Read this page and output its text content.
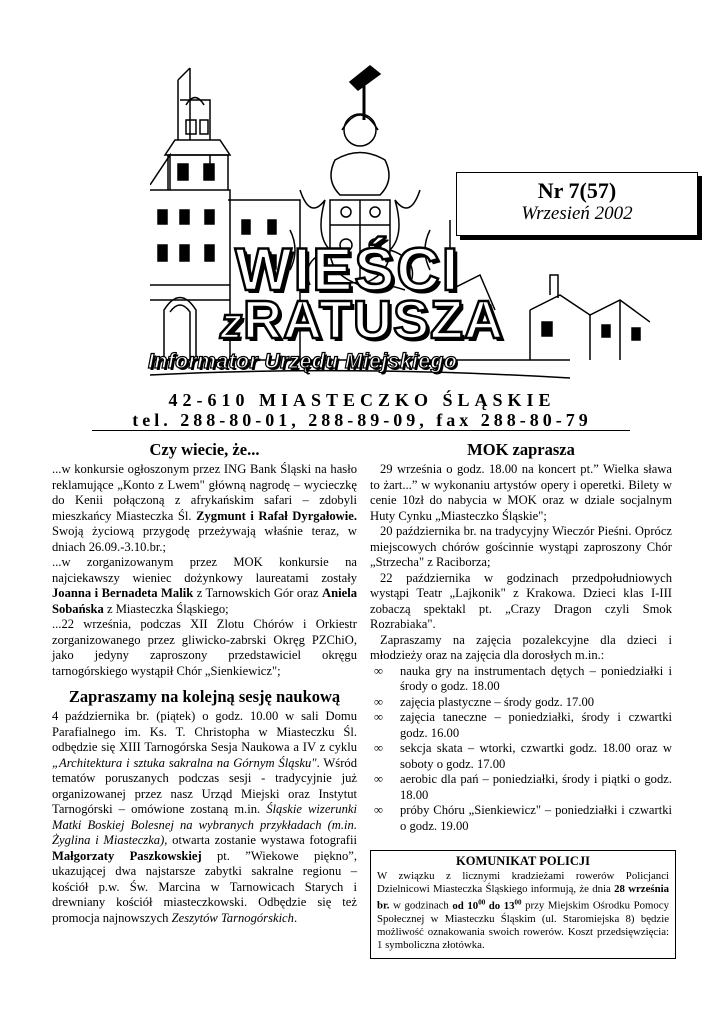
Nr 7(57)
Wrzesień 2002
WIEŚCI
zRATUSZA
Informator Urzędu Miejskiego
42-610 MIASTECZKO ŚLĄSKIE
tel. 288-80-01, 288-89-09, fax 288-80-79
Czy wiecie, że...

...w konkursie ogłoszonym przez ING Bank Śląski na hasło reklamujące „Konto z Lwem" główną nagrodę – wycieczkę do Kenii połączoną z afrykańskim safari – zdobyli mieszkańcy Miasteczka Śl. Zygmunt i Rafał Dyrgałowie. Swoją życiową przygodę przeżywają właśnie teraz, w dniach 26.09.-3.10.br.;

...w zorganizowanym przez MOK konkursie na najciekawszy wieniec dożynkowy laureatami zostały Joanna i Bernadeta Malik z Tarnowskich Gór oraz Aniela Sobańska z Miasteczka Śląskiego;

...22 września, podczas XII Zlotu Chórów i Orkiestr zorganizowanego przez gliwicko-zabrski Okręg PZChiO, jako jedyny zaproszony przedstawiciel okręgu tarnogórskiego wystąpił Chór „Sienkiewicz";

Zapraszamy na kolejną sesję naukową

4 października br. (piątek) o godz. 10.00 w sali Domu Parafialnego im. Ks. T. Christopha w Miasteczku Śl. odbędzie się XIII Tarnogórska Sesja Naukowa a IV z cyklu „Architektura i sztuka sakralna na Górnym Śląsku". Wśród tematów poruszanych podczas sesji - tradycyjnie już organizowanej przez nasz Urząd Miejski oraz Instytut Tarnogórski – omówione zostaną m.in. Śląskie wizerunki Matki Boskiej Bolesnej na wybranych przykładach (m.in. Żyglina i Miasteczka), otwarta zostanie wystawa fotografii Małgorzaty Paszkowskiej pt. ”Wiekowe piękno”, ukazującej dwa najstarsze zabytki sakralne regionu – kościół p.w. Św. Marcina w Tarnowicach Starych i drewniany kościół miasteczkowski. Odbędzie się też promocja najnowszych Zeszytów Tarnogórskich.

MOK zaprasza

29 września o godz. 18.00 na koncert pt.” Wielka sława to żart...” w wykonaniu artystów opery i operetki. Bilety w cenie 10zł do nabycia w MOK oraz w dziale socjalnym Huty Cynku „Miasteczko Śląskie";

20 października br. na tradycyjny Wieczór Pieśni. Oprócz miejscowych chórów gościnnie wystąpi zaproszony Chór „Strzecha" z Raciborza;

22 października w godzinach przedpołudniowych wystąpi Teatr „Lajkonik" z Krakowa. Dzieci klas I-III zobaczą spektakl pt. „Crazy Dragon czyli Smok Rozrabiaka".

Zapraszamy na zajęcia pozalekcyjne dla dzieci i młodzieży oraz na zajęcia dla dorosłych m.in.:

∞ nauka gry na instrumentach dętych – poniedziałki i środy o godz. 18.00
∞ zajęcia plastyczne – środy godz. 17.00
∞ zajęcia taneczne – poniedziałki, środy i czwartki godz. 16.00
∞ sekcja skata – wtorki, czwartki godz. 18.00 oraz w soboty o godz. 17.00
∞ aerobic dla pań – poniedziałki, środy i piątki o godz. 18.00
∞ próby Chóru „Sienkiewicz" – poniedziałki i czwartki o godz. 19.00
KOMUNIKAT POLICJI
W związku z licznymi kradzieżami rowerów Policjanci Dzielnicowi Miasteczka Śląskiego informują, że dnia 28 września br. w godzinach od $10^{00}$ do $13^{00}$ przy Miejskim Ośrodku Pomocy Społecznej w Miasteczku Śląskim (ul. Staromiejska 8) będzie możliwość oznakowania swoich rowerów. Koszt przedsięwzięcia: 1 symboliczna złotówka.
